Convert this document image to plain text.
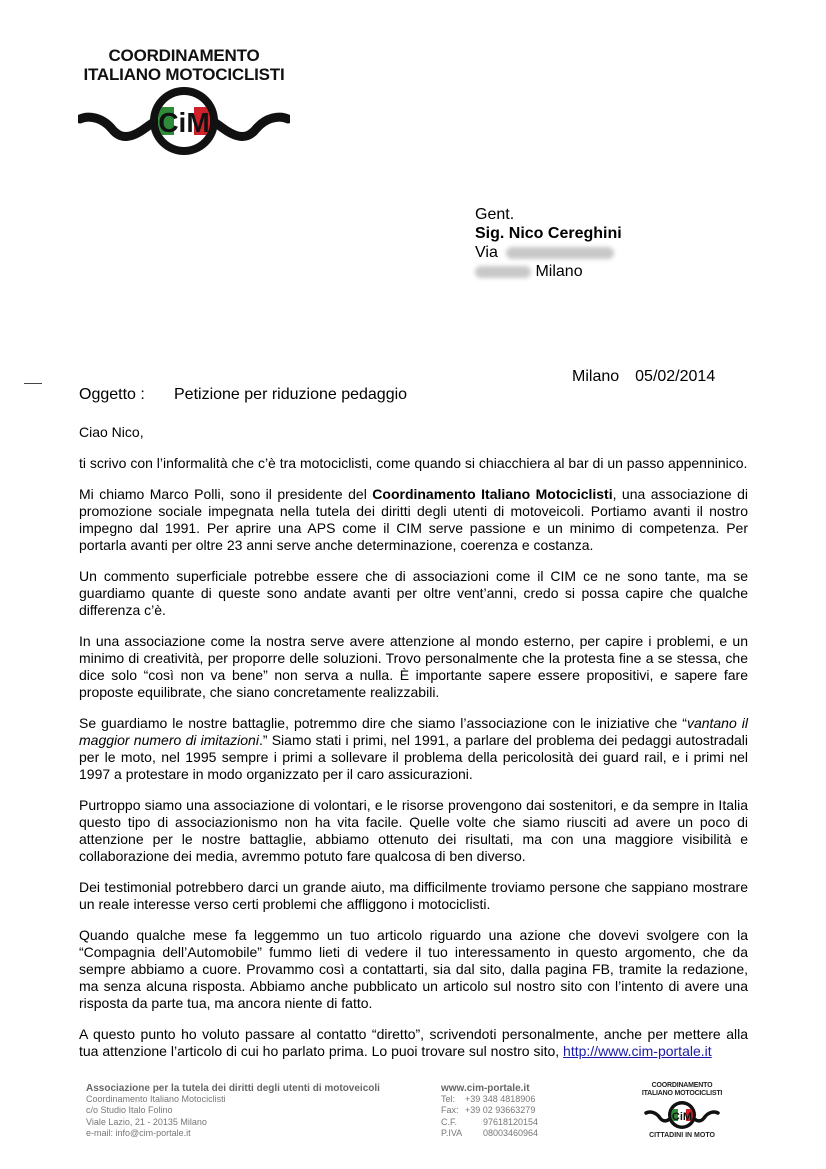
COORDINAMENTO
ITALIANO MOTOCICLISTI
CiM
Gent.
Sig. Nico Cereghini
Via
Milano
Milano 05/02/2014
Oggetto : Petizione per riduzione pedaggio

Ciao Nico,

ti scrivo con l’informalità che c’è tra motociclisti, come quando si chiacchiera al bar di un passo appenninico.

Mi chiamo Marco Polli, sono il presidente del Coordinamento Italiano Motociclisti, una associazione di promozione sociale impegnata nella tutela dei diritti degli utenti di motoveicoli. Portiamo avanti il nostro impegno dal 1991. Per aprire una APS come il CIM serve passione e un minimo di competenza. Per portarla avanti per oltre 23 anni serve anche determinazione, coerenza e costanza.

Un commento superficiale potrebbe essere che di associazioni come il CIM ce ne sono tante, ma se guardiamo quante di queste sono andate avanti per oltre vent’anni, credo si possa capire che qualche differenza c’è.

In una associazione come la nostra serve avere attenzione al mondo esterno, per capire i problemi, e un minimo di creatività, per proporre delle soluzioni. Trovo personalmente che la protesta fine a se stessa, che dice solo “così non va bene” non serva a nulla. È importante sapere essere propositivi, e sapere fare proposte equilibrate, che siano concretamente realizzabili.

Se guardiamo le nostre battaglie, potremmo dire che siamo l’associazione con le iniziative che “vantano il maggior numero di imitazioni.” Siamo stati i primi, nel 1991, a parlare del problema dei pedaggi autostradali per le moto, nel 1995 sempre i primi a sollevare il problema della pericolosità dei guard rail, e i primi nel 1997 a protestare in modo organizzato per il caro assicurazioni.

Purtroppo siamo una associazione di volontari, e le risorse provengono dai sostenitori, e da sempre in Italia questo tipo di associazionismo non ha vita facile. Quelle volte che siamo riusciti ad avere un poco di attenzione per le nostre battaglie, abbiamo ottenuto dei risultati, ma con una maggiore visibilità e collaborazione dei media, avremmo potuto fare qualcosa di ben diverso.

Dei testimonial potrebbero darci un grande aiuto, ma difficilmente troviamo persone che sappiano mostrare un reale interesse verso certi problemi che affliggono i motociclisti.

Quando qualche mese fa leggemmo un tuo articolo riguardo una azione che dovevi svolgere con la “Compagnia dell’Automobile” fummo lieti di vedere il tuo interessamento in questo argomento, che da sempre abbiamo a cuore. Provammo così a contattarti, sia dal sito, dalla pagina FB, tramite la redazione, ma senza alcuna risposta. Abbiamo anche pubblicato un articolo sul nostro sito con l’intento di avere una risposta da parte tua, ma ancora niente di fatto.

A questo punto ho voluto passare al contatto “diretto”, scrivendoti personalmente, anche per mettere alla tua attenzione l’articolo di cui ho parlato prima. Lo puoi trovare sul nostro sito, http://www.cim-portale.it

Associazione per la tutela dei diritti degli utenti di motoveicoli
Coordinamento Italiano Motociclisti
c/o Studio Italo Folino
Viale Lazio, 21 - 20135 Milano
e-mail: info@cim-portale.it
www.cim-portale.it
Tel: +39 348 4818906
Fax: +39 02 93663279
C.F.	97618120154
P.IVA 08003460964
COORDINAMENTO
ITALIANO MOTOCICLISTI
CiM
CITTADINI IN MOTO
